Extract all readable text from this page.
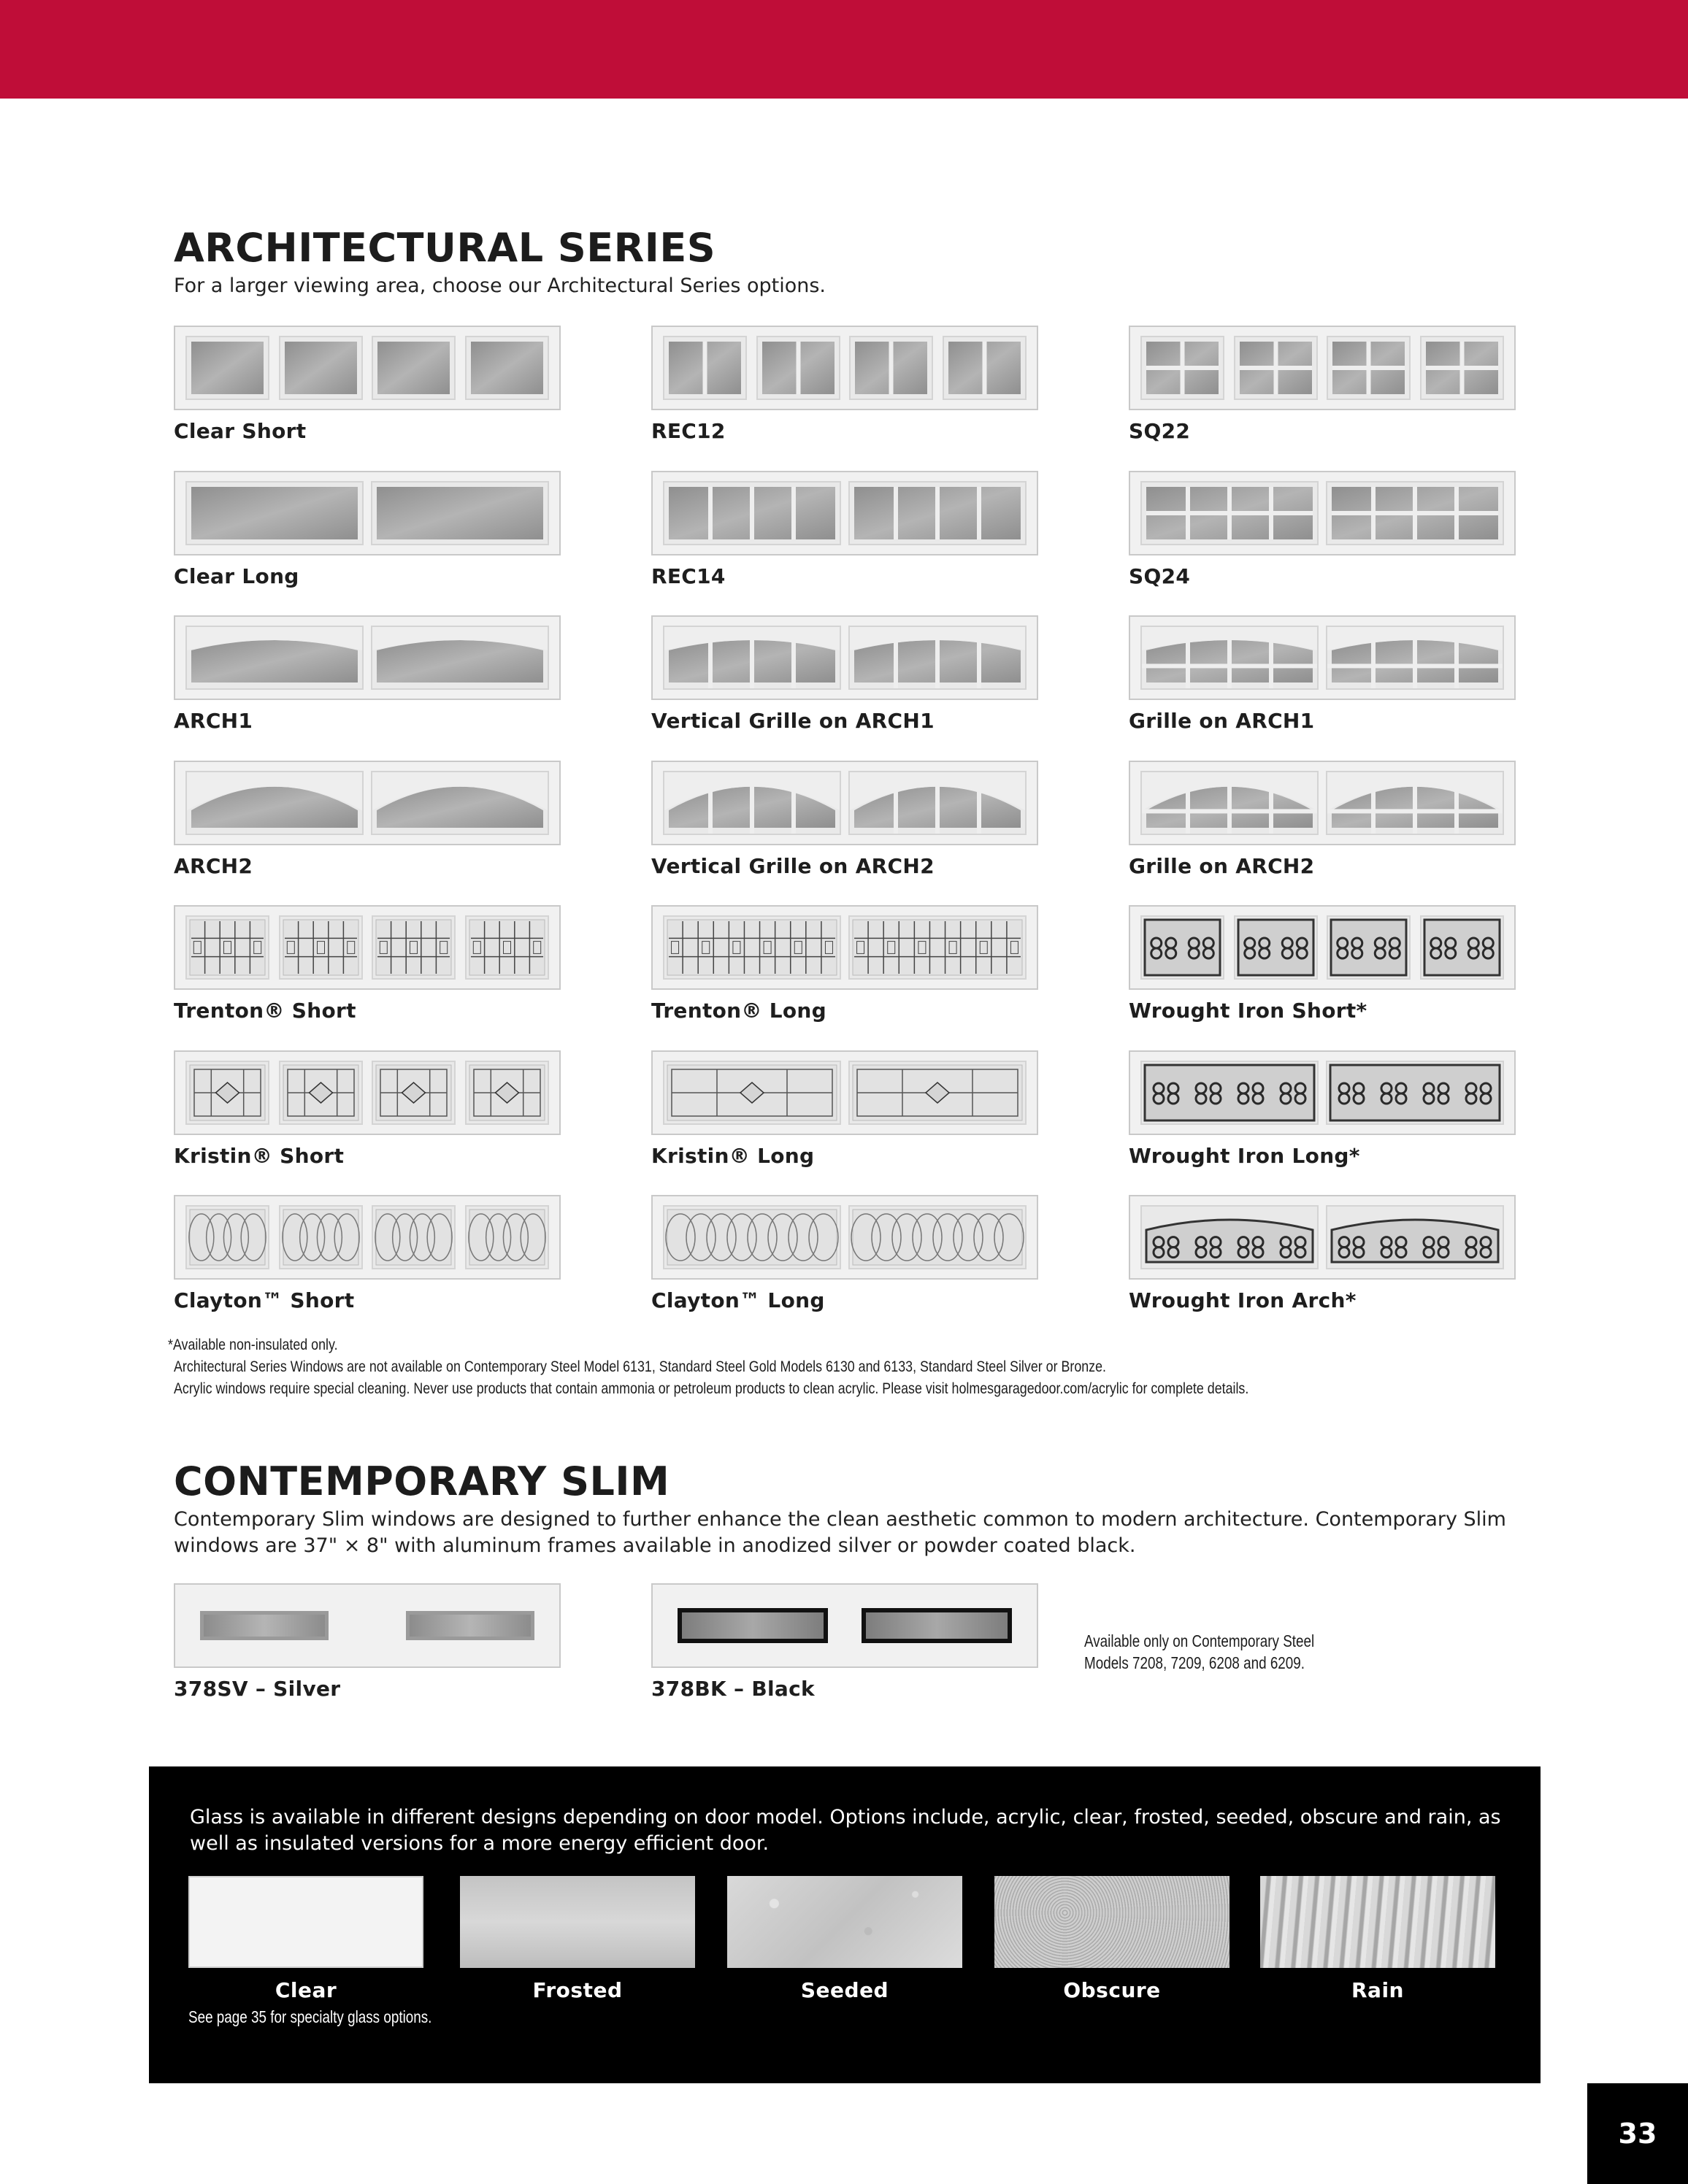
ARCHITECTURAL SERIES
For a larger viewing area, choose our Architectural Series options.
Clear Short	REC12	SQ22
Clear Long	REC14	SQ24
ARCH1	Vertical Grille on ARCH1	Grille on ARCH1
ARCH2	Vertical Grille on ARCH2	Grille on ARCH2
Trenton® Short	Trenton® Long	Wrought Iron Short*
Kristin® Short	Kristin® Long	Wrought Iron Long*
Clayton™ Short	Clayton™ Long	Wrought Iron Arch*
*Available non-insulated only.
Architectural Series Windows are not available on Contemporary Steel Model 6131, Standard Steel Gold Models 6130 and 6133, Standard Steel Silver or Bronze.
Acrylic windows require special cleaning. Never use products that contain ammonia or petroleum products to clean acrylic. Please visit holmesgaragedoor.com/acrylic for complete details.
CONTEMPORARY SLIM
Contemporary Slim windows are designed to further enhance the clean aesthetic common to modern architecture. Contemporary Slim windows are 37" × 8" with aluminum frames available in anodized silver or powder coated black.
378SV – Silver	378BK – Black
Available only on Contemporary Steel
Models 7208, 7209, 6208 and 6209.
Glass is available in different designs depending on door model. Options include, acrylic, clear, frosted, seeded, obscure and rain, as well as insulated versions for a more energy efficient door.
Clear	Frosted	Seeded	Obscure	Rain
See page 35 for specialty glass options.
33
